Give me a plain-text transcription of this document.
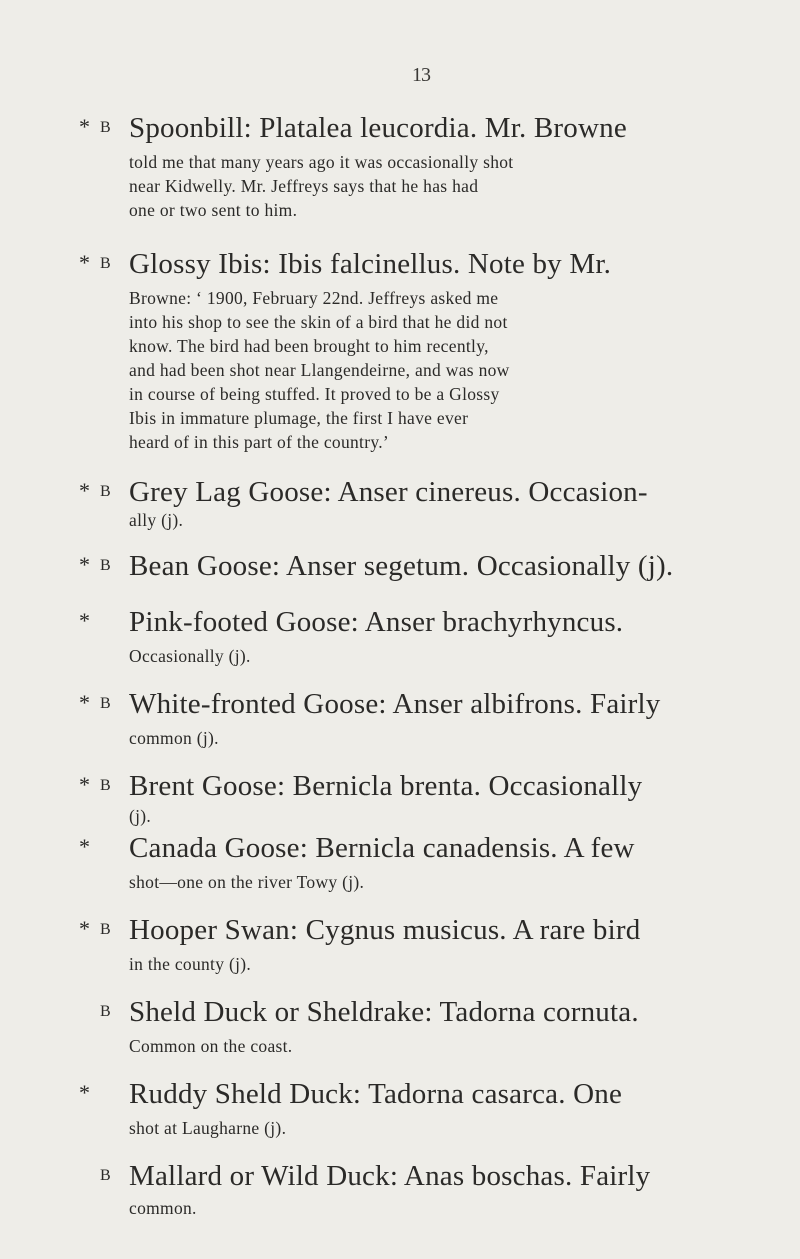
13
* B Spoonbill: Platalea leucordia. Mr. Browne
told me that many years ago it was occasionally shot
near Kidwelly. Mr. Jeffreys says that he has had
one or two sent to him.
* B Glossy Ibis: Ibis falcinellus. Note by Mr.
Browne: ‘ 1900, February 22nd. Jeffreys asked me
into his shop to see the skin of a bird that he did not
know. The bird had been brought to him recently,
and had been shot near Llangendeirne, and was now
in course of being stuffed. It proved to be a Glossy
Ibis in immature plumage, the first I have ever
heard of in this part of the country.’
* B Grey Lag Goose: Anser cinereus. Occasion-
ally (j).
* B Bean Goose: Anser segetum. Occasionally (j).
* Pink-footed Goose: Anser brachyrhyncus.
Occasionally (j).
* B White-fronted Goose: Anser albifrons. Fairly
common (j).
* B Brent Goose: Bernicla brenta. Occasionally
(j).
* Canada Goose: Bernicla canadensis. A few
shot—one on the river Towy (j).
* B Hooper Swan: Cygnus musicus. A rare bird
in the county (j).
B Sheld Duck or Sheldrake: Tadorna cornuta.
Common on the coast.
* Ruddy Sheld Duck: Tadorna casarca. One
shot at Laugharne (j).
B Mallard or Wild Duck: Anas boschas. Fairly
common.
